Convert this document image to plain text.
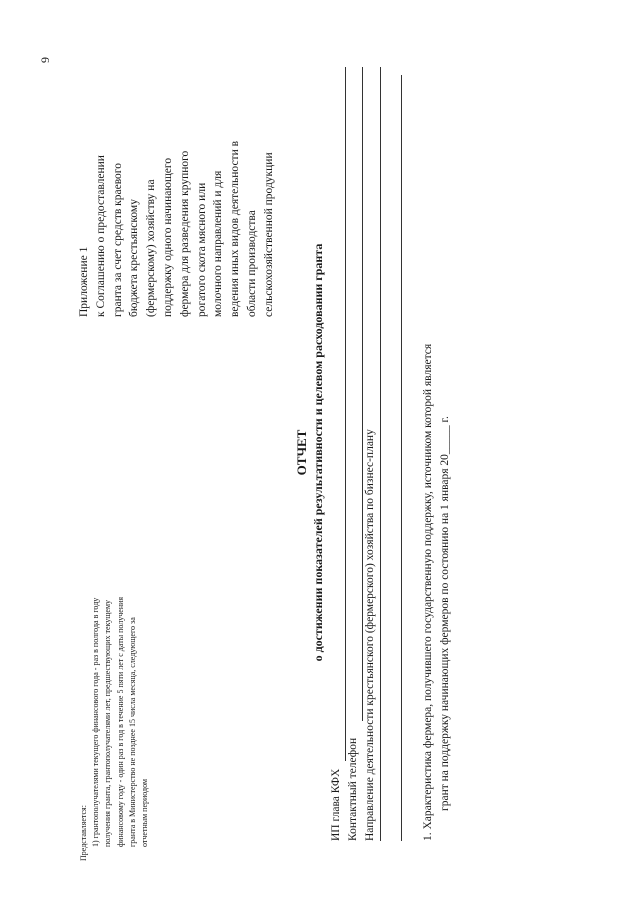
9
Приложение 1 к Соглашению о предоставлении гранта за счет средств краевого бюджета крестьянскому (фермерскому) хозяйству на поддержку одного начинающего фермера для разведения крупного рогатого скота мясного или молочного направлений и для ведения иных видов деятельности в области производства сельскохозяйственной продукции
Представляется: 1) грантополучателями текущего финансового года - раз в полгода в году получения гранта, грантополучателями лет, предшествующих текущему финансовому году - один раз в год в течение 5 пяти лет с даты получения гранта в Министерство не позднее 15 числа месяца, следующего за отчетным периодом
ОТЧЕТ о достижении показателей результативности и целевом расходовании гранта
ИП глава КФХ Контактный телефон Направление деятельности крестьянского (фермерского) хозяйства по бизнес-плану	1. Характеристика фермера, получившего государственную поддержку, источником которой является грант на поддержку начинающих фермеров по состоянию на 1 января 20_____ г.
